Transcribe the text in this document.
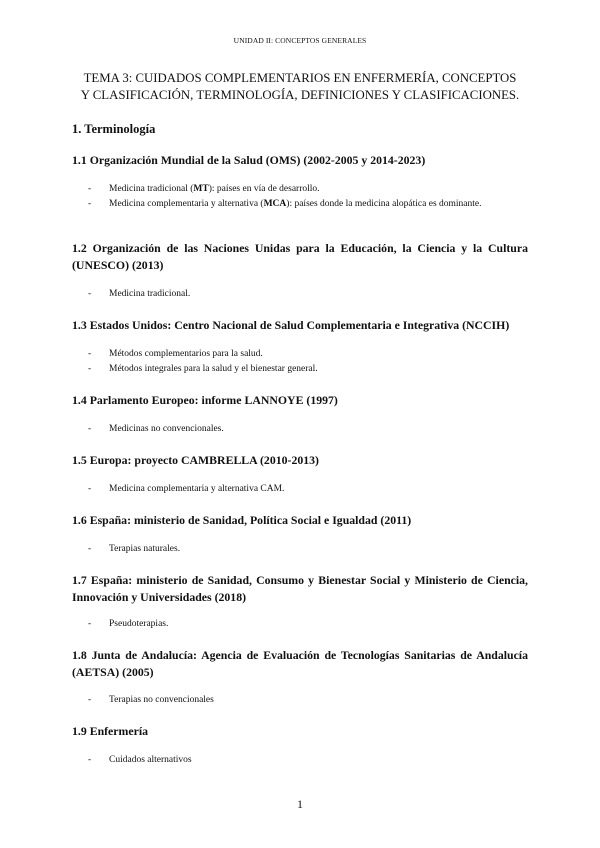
UNIDAD II: CONCEPTOS GENERALES
TEMA 3: CUIDADOS COMPLEMENTARIOS EN ENFERMERÍA, CONCEPTOS
Y CLASIFICACIÓN, TERMINOLOGÍA, DEFINICIONES Y CLASIFICACIONES.
1. Terminología
1.1 Organización Mundial de la Salud (OMS) (2002-2005 y 2014-2023)
- Medicina tradicional (MT): países en vía de desarrollo.
- Medicina complementaria y alternativa (MCA): países donde la medicina alopática es dominante.
1.2 Organización de las Naciones Unidas para la Educación, la Ciencia y la Cultura (UNESCO) (2013)
- Medicina tradicional.
1.3 Estados Unidos: Centro Nacional de Salud Complementaria e Integrativa (NCCIH)
- Métodos complementarios para la salud.
- Métodos integrales para la salud y el bienestar general.
1.4 Parlamento Europeo: informe LANNOYE (1997)
- Medicinas no convencionales.
1.5 Europa: proyecto CAMBRELLA (2010-2013)
- Medicina complementaria y alternativa CAM.
1.6 España: ministerio de Sanidad, Política Social e Igualdad (2011)
- Terapias naturales.
1.7 España: ministerio de Sanidad, Consumo y Bienestar Social y Ministerio de Ciencia, Innovación y Universidades (2018)
- Pseudoterapias.
1.8 Junta de Andalucía: Agencia de Evaluación de Tecnologías Sanitarias de Andalucía (AETSA) (2005)
- Terapias no convencionales
1.9 Enfermería
- Cuidados alternativos
1
